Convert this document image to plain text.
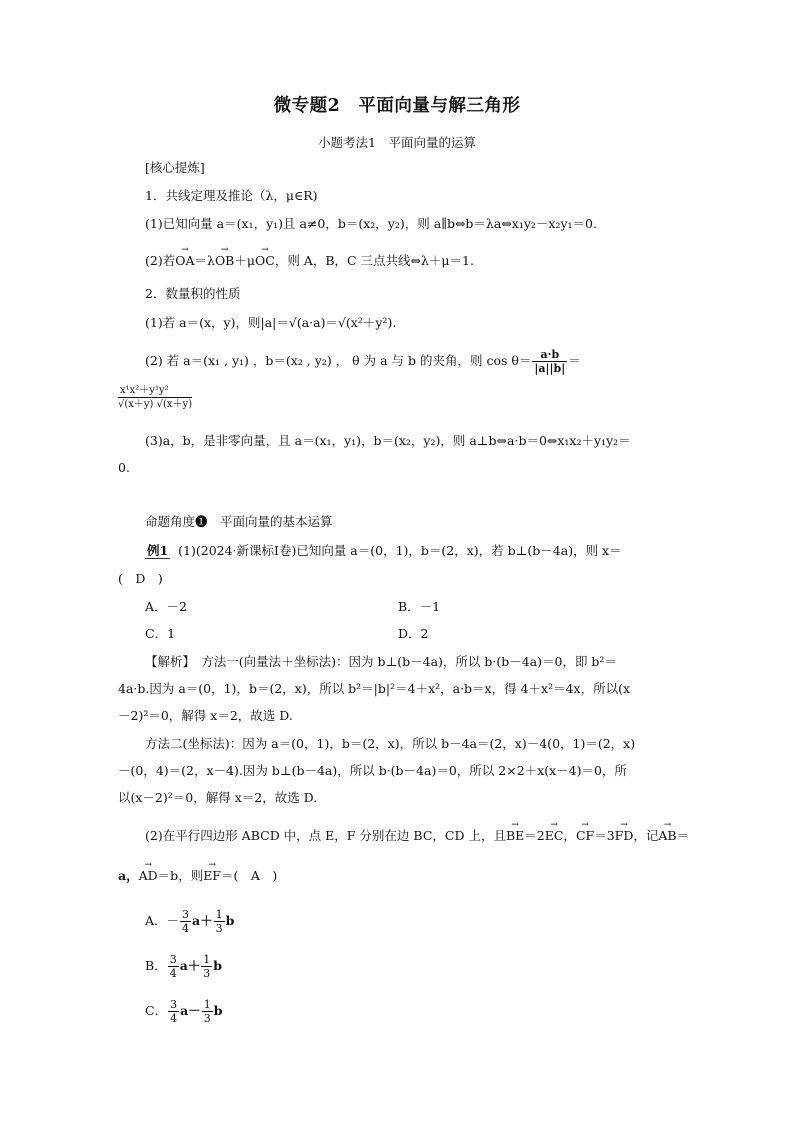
微专题2　平面向量与解三角形
小题考法1　平面向量的运算
[核心提炼]
1．共线定理及推论（λ，μ∈R)
(1)已知向量 a＝(x₁，y₁)且 a≠0，b＝(x₂，y₂)，则 a∥b⇔b＝λa⇔x₁y₂－x₂y₁＝0.
(2)若→ OA＝λ→ OB＋μ→ OC，则 A，B，C 三点共线⇔λ＋μ＝1.
2．数量积的性质
(1)若 a＝(x，y)，则|a|＝√(a·a)＝√(x²＋y²).
(2) 若 a＝(x₁ , y₁) ，b＝(x₂ , y₂) ， θ 为 a 与 b 的夹角，则 $\cos \theta= \frac{a\cdot b}{|a||b|}$ ＝
$\frac{\text{x¹x²＋y¹y²}}{√(x+y) √(x+y)}$
(3)a，b，是非零向量，且 a＝(x₁，y₁)，b＝(x₂，y₂)，则 a⊥b⇔a·b＝0⇔x₁x₂＋y₁y₂＝
0.
命题角度❶　平面向量的基本运算
例1 (1)(2024·新课标Ⅰ卷)已知向量 a＝(0，1)，b＝(2，x)，若 b⊥(b－4a)，则 x＝
(　D　)
A．－2	B．－1
C．1	D．2
【解析】　方法一(向量法＋坐标法)：因为 b⊥(b－4a)，所以 b·(b－4a)＝0，即 b²＝
4a·b.因为 a＝(0，1)，b＝(2，x)，所以 b²＝|b|²＝4＋x²，a·b＝x，得 4＋x²＝4x，所以(x
－2)²＝0，解得 x＝2，故选 D.
方法二(坐标法)：因为 a＝(0，1)，b＝(2，x)，所以 b－4a＝(2，x)－4(0，1)＝(2，x)
－(0，4)＝(2，x－4).因为 b⊥(b－4a)，所以 b·(b－4a)＝0，所以 2×2＋x(x－4)＝0，所
以(x－2)²＝0，解得 x＝2，故选 D.
(2)在平行四边形 ABCD 中，点 E，F 分别在边 BC，CD 上，且→ BE＝2→ EC，→ CF＝3→ FD，记→ AB＝
a，→ AD＝b，则→ EF＝(　A　)
A．－ $\frac{3}{4} a+ \frac{1}{3}$ b
B． $\frac{3}{4} a+ \frac{1}{3}$ b
C． $\frac{3}{4} a- \frac{1}{3}$ b
